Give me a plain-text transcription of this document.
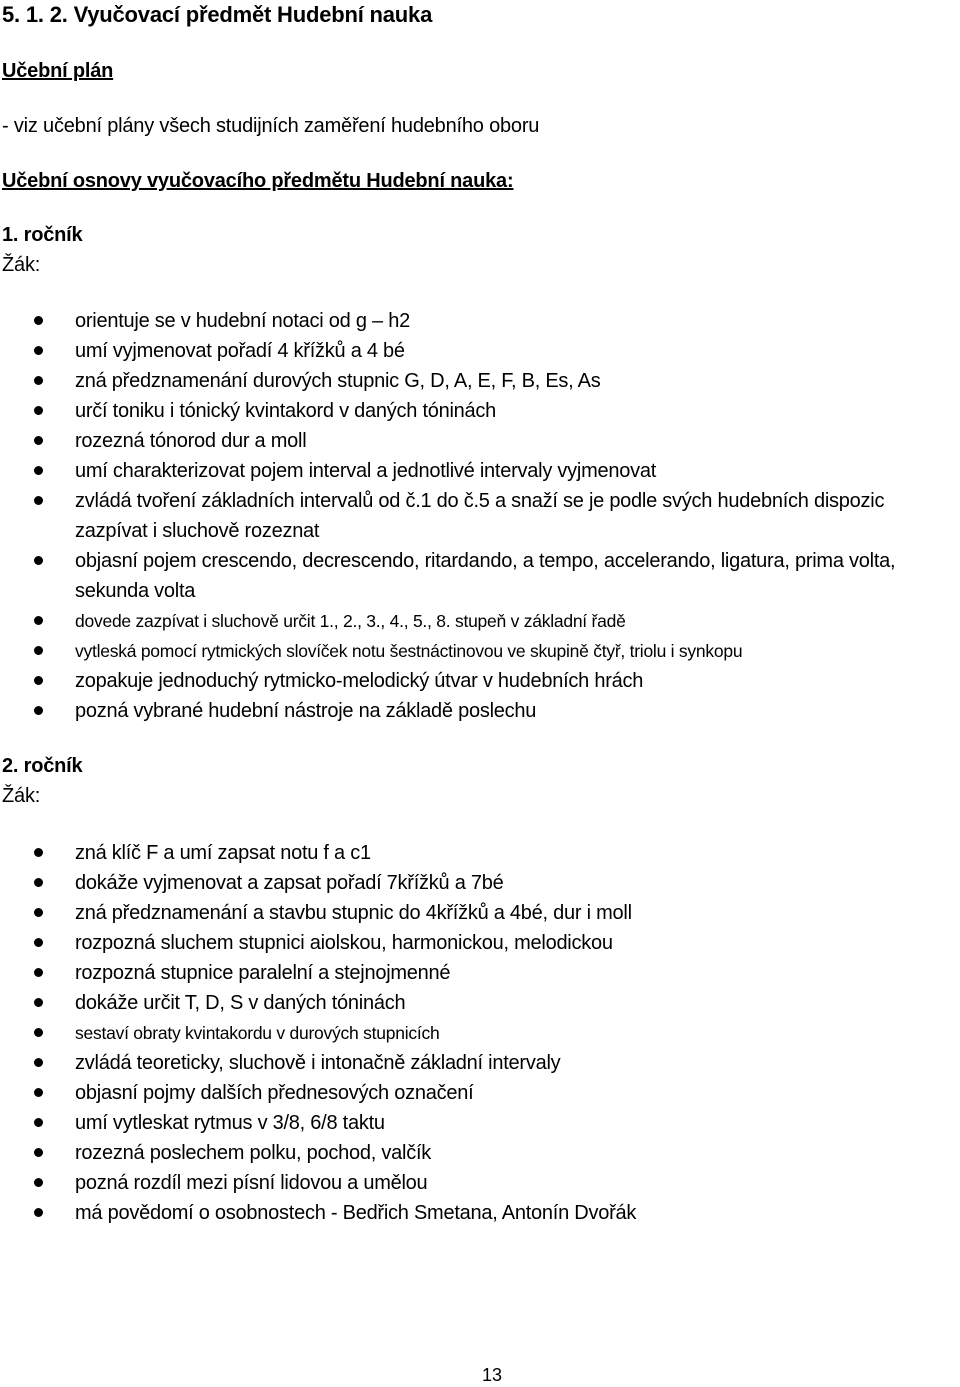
5. 1. 2. Vyučovací předmět Hudební nauka
Učební plán
- viz učební plány všech studijních zaměření hudebního oboru
Učební osnovy vyučovacího předmětu Hudební nauka:
1. ročník
Žák:
orientuje se v hudební notaci od g – h2
umí vyjmenovat pořadí 4 křížků a 4 bé
zná předznamenání durových stupnic G, D, A, E, F, B, Es, As
určí toniku i tónický kvintakord v daných tóninách
rozezná tónorod dur a moll
umí charakterizovat pojem interval a jednotlivé intervaly vyjmenovat
zvládá tvoření základních intervalů od č.1 do č.5 a snaží se je podle svých hudebních dispozic zazpívat i sluchově rozeznat
objasní pojem crescendo, decrescendo, ritardando, a tempo, accelerando, ligatura, prima volta, sekunda volta
dovede zazpívat i sluchově určit 1., 2., 3., 4., 5., 8. stupeň v základní řadě
vytleská pomocí rytmických slovíček notu šestnáctinovou ve skupině čtyř, triolu i synkopu
zopakuje jednoduchý rytmicko-melodický útvar v hudebních hrách
pozná vybrané hudební nástroje na základě poslechu
2. ročník
Žák:
zná klíč F a umí zapsat notu f a c1
dokáže vyjmenovat a zapsat pořadí 7křížků a 7bé
zná předznamenání a stavbu stupnic do 4křížků a 4bé, dur i moll
rozpozná sluchem stupnici aiolskou, harmonickou, melodickou
rozpozná stupnice paralelní a stejnojmenné
dokáže určit T, D, S v daných tóninách
sestaví obraty kvintakordu v durových stupnicích
zvládá teoreticky, sluchově i intonačně základní intervaly
objasní pojmy dalších přednesových označení
umí vytleskat rytmus v 3/8, 6/8 taktu
rozezná poslechem polku, pochod, valčík
pozná rozdíl mezi písní lidovou a umělou
má povědomí o osobnostech - Bedřich Smetana, Antonín Dvořák
13
